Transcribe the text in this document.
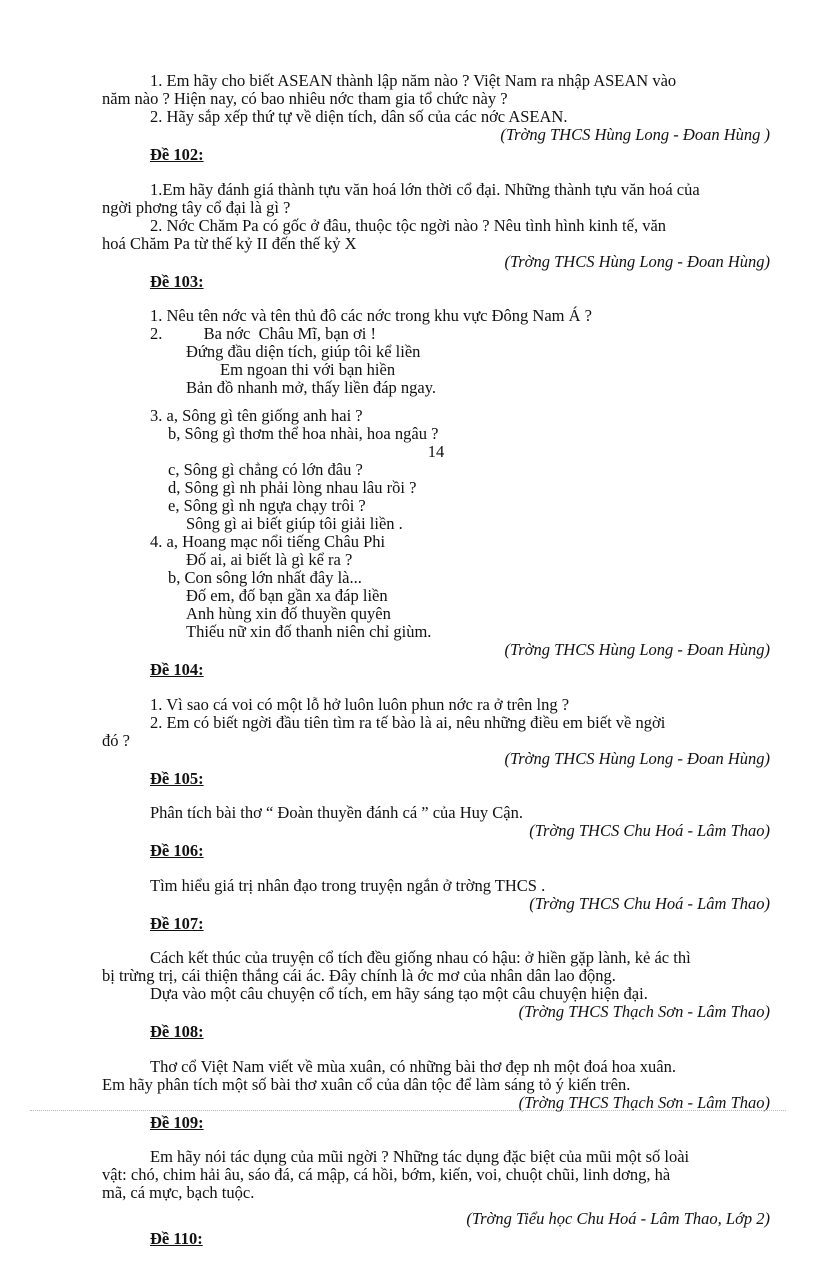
1. Em hãy cho biết ASEAN thành lập năm nào ? Việt Nam ra nhập ASEAN vào

năm nào ? Hiện nay, có bao nhiêu nớc tham gia tổ chức này ?

2. Hãy sắp xếp thứ tự về diện tích, dân số của các nớc ASEAN.

(Trờng THCS Hùng Long - Đoan Hùng )

Đề 102:

1.Em hãy đánh giá thành tựu văn hoá lớn thời cổ đại. Những thành tựu văn hoá của

ngời phơng tây cổ đại là gì ?

2. Nớc Chăm Pa có gốc ở đâu, thuộc tộc ngời nào ? Nêu tình hình kinh tế, văn

hoá Chăm Pa từ thế kỷ II đến thế kỷ X

(Trờng THCS Hùng Long - Đoan Hùng)

Đề 103:

1. Nêu tên nớc và tên thủ đô các nớc trong khu vực Đông Nam Á ?

2.          Ba nớc  Châu Mĩ, bạn ơi !

Đứng đầu diện tích, giúp tôi kể liền

Em ngoan thi với bạn hiền

Bản đồ nhanh mở, thấy liền đáp ngay.

3. a, Sông gì tên giống anh hai ?

b, Sông gì thơm thể hoa nhài, hoa ngâu ?

14

c, Sông gì chẳng có lớn đâu ?

d, Sông gì nh phải lòng nhau lâu rồi ?

e, Sông gì nh ngựa chạy trôi ?

Sông gì ai biết giúp tôi giải liền .

4. a, Hoang mạc nổi tiếng Châu Phi

Đố ai, ai biết là gì kể ra ?

b, Con sông lớn nhất đây là...

Đố em, đố bạn gần xa đáp liền

Anh hùng xin đố thuyền quyên

Thiếu nữ xin đố thanh niên chỉ giùm.

(Trờng THCS Hùng Long - Đoan Hùng)

Đề 104:

1. Vì sao cá voi có một lỗ hở luôn luôn phun nớc ra ở trên lng ?

2. Em có biết ngời đầu tiên tìm ra tế bào là ai, nêu những điều em biết về ngời

đó ?

(Trờng THCS Hùng Long - Đoan Hùng)

Đề 105:

Phân tích bài thơ “ Đoàn thuyền đánh cá ” của Huy Cận.

(Trờng THCS Chu Hoá - Lâm Thao)

Đề 106:

Tìm hiểu giá trị nhân đạo trong truyện ngắn ở trờng THCS .

(Trờng THCS Chu Hoá - Lâm Thao)

Đề 107:

Cách kết thúc của truyện cổ tích đều giống nhau có hậu: ở hiền gặp lành, kẻ ác thì

bị trừng trị, cái thiện thắng cái ác. Đây chính là ớc mơ của nhân dân lao động.

Dựa vào một câu chuyện cổ tích, em hãy sáng tạo một câu chuyện hiện đại.

(Trờng THCS Thạch Sơn - Lâm Thao)

Đề 108:

Thơ cổ Việt Nam viết về mùa xuân, có những bài thơ đẹp nh một đoá hoa xuân.

Em hãy phân tích một số bài thơ xuân cổ của dân tộc để làm sáng tỏ ý kiến trên.

(Trờng THCS Thạch Sơn - Lâm Thao)

Đề 109:

Em hãy nói tác dụng của mũi ngời ? Những tác dụng đặc biệt của mũi một số loài

vật: chó, chim hải âu, sáo đá, cá mập, cá hồi, bớm, kiến, voi, chuột chũi, linh dơng, hà

mã, cá mực, bạch tuộc.

(Trờng Tiểu học Chu Hoá - Lâm Thao, Lớp 2)

Đề 110:
